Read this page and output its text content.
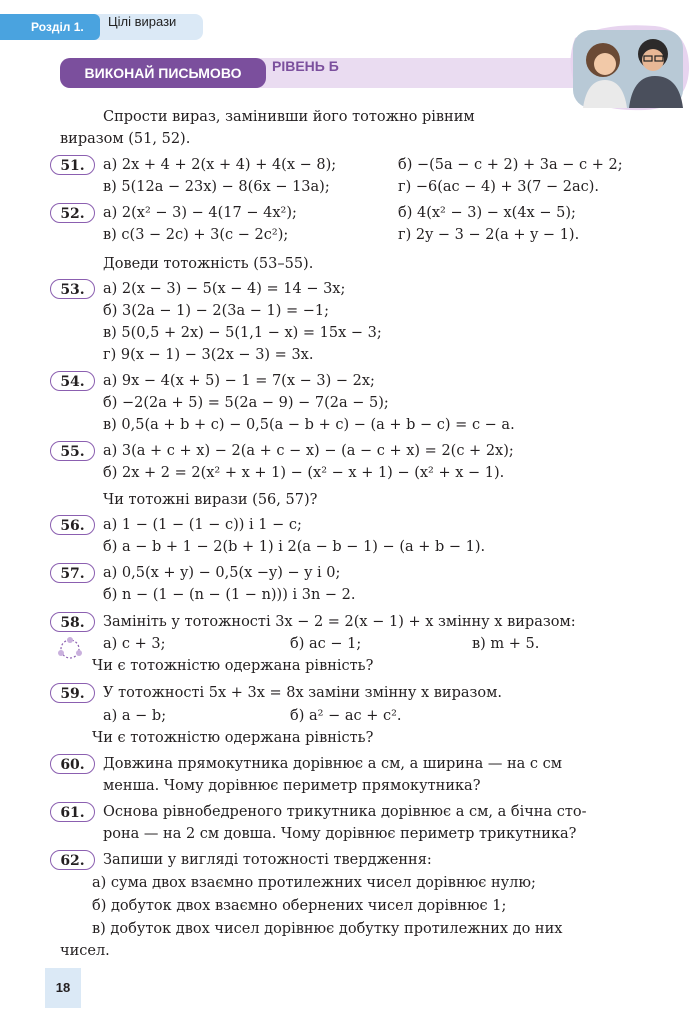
Розділ 1.	Цілі вирази
ВИКОНАЙ ПИСЬМОВО	РІВЕНЬ Б
Спрости вираз, замінивши його тотожно рівним
виразом (51, 52).
51.	а) 2x + 4 + 2(x + 4) + 4(x − 8);	б) −(5a − c + 2) + 3a − c + 2;
в) 5(12a − 23x) − 8(6x − 13a);	г) −6(ac − 4) + 3(7 − 2ac).
52.	а) 2(x² − 3) − 4(17 − 4x²);	б) 4(x² − 3) − x(4x − 5);
в) c(3 − 2c) + 3(c − 2c²);	г) 2y − 3 − 2(a + y − 1).
Доведи тотожність (53–55).
53.	а) 2(x − 3) − 5(x − 4) = 14 − 3x;
б) 3(2a − 1) − 2(3a − 1) = −1;
в) 5(0,5 + 2x) − 5(1,1 − x) = 15x − 3;
г) 9(x − 1) − 3(2x − 3) = 3x.
54.	а) 9x − 4(x + 5) − 1 = 7(x − 3) − 2x;
б) −2(2a + 5) = 5(2a − 9) − 7(2a − 5);
в) 0,5(a + b + c) − 0,5(a − b + c) − (a + b − c) = c − a.
55.	а) 3(a + c + x) − 2(a + c − x) − (a − c + x) = 2(c + 2x);
б) 2x + 2 = 2(x² + x + 1) − (x² − x + 1) − (x² + x − 1).
Чи тотожні вирази (56, 57)?
56.	а) 1 − (1 − (1 − c)) і 1 − c;
б) a − b + 1 − 2(b + 1) і 2(a − b − 1) − (a + b − 1).
57.	а) 0,5(x + y) − 0,5(x −y) − y і 0;
б) n − (1 − (n − (1 − n))) і 3n − 2.
58.	Замініть у тотожності 3x − 2 = 2(x − 1) + x змінну x виразом:
а) c + 3;	б) ac − 1;	в) m + 5.
Чи є тотожністю одержана рівність?
59.	У тотожності 5x + 3x = 8x заміни змінну x виразом.
а) a − b;	б) a² − ac + c².
Чи є тотожністю одержана рівність?
60.	Довжина прямокутника дорівнює a см, а ширина — на c см
менша. Чому дорівнює периметр прямокутника?
61.	Основа рівнобедреного трикутника дорівнює a см, а бічна сто-
рона — на 2 см довша. Чому дорівнює периметр трикутника?
62.	Запиши у вигляді тотожності твердження:
а) сума двох взаємно протилежних чисел дорівнює нулю;
б) добуток двох взаємно обернених чисел дорівнює 1;
в) добуток двох чисел дорівнює добутку протилежних до них
чисел.
18
